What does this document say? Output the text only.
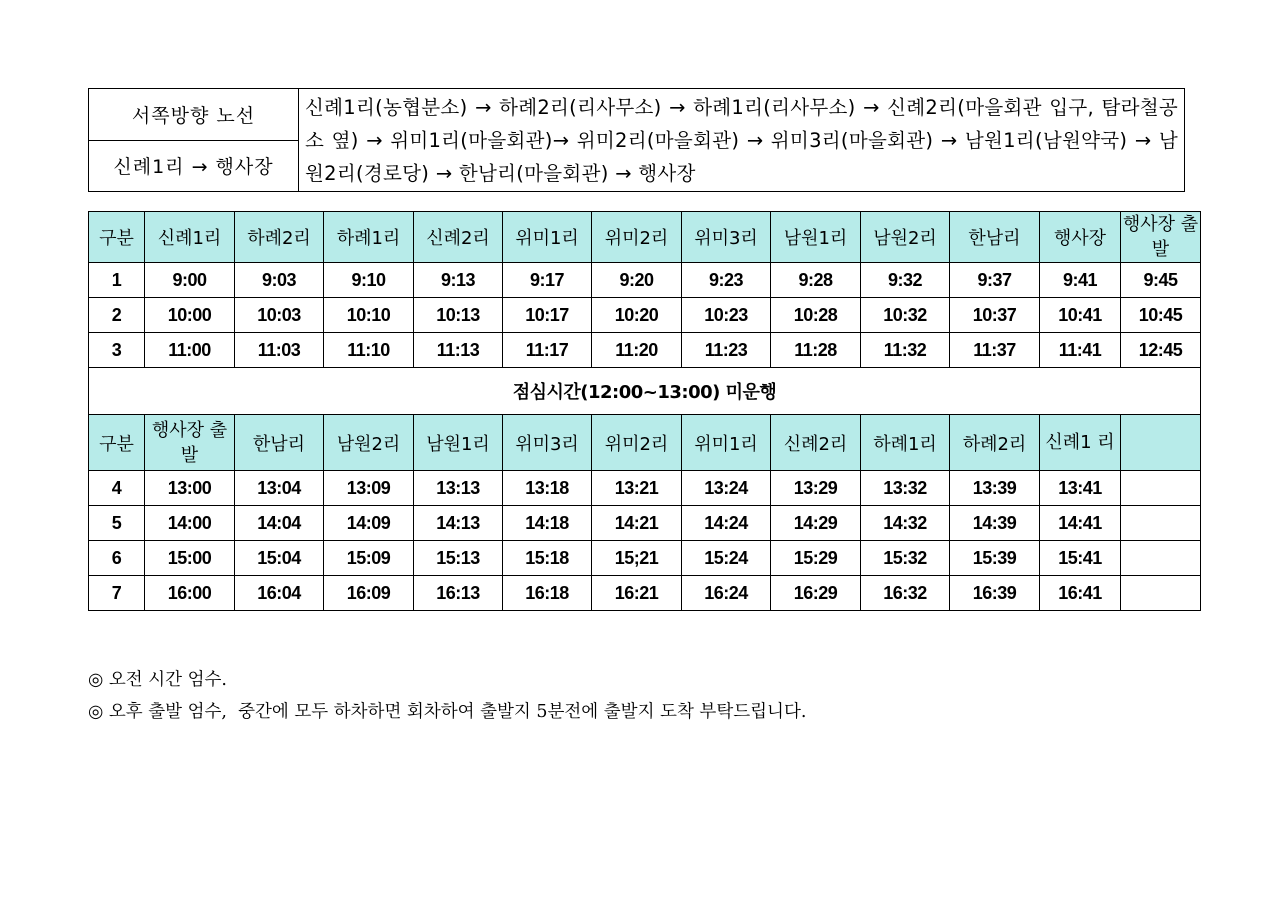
서쪽방향 노선
신례1리 → 행사장
신례1리(농협분소) → 하례2리(리사무소) → 하례1리(리사무소) → 신례2리(마을회관 입구, 탐라철공소 옆) → 위미1리(마을회관)→ 위미2리(마을회관) → 위미3리(마을회관) → 남원1리(남원약국) → 남원2리(경로당) → 한남리(마을회관) → 행사장
구분	신례1리	하례2리	하례1리	신례2리	위미1리	위미2리	위미3리	남원1리	남원2리	한남리	행사장	행사장 출발
1	9:00	9:03	9:10	9:13	9:17	9:20	9:23	9:28	9:32	9:37	9:41	9:45
2	10:00	10:03	10:10	10:13	10:17	10:20	10:23	10:28	10:32	10:37	10:41	10:45
3	11:00	11:03	11:10	11:13	11:17	11:20	11:23	11:28	11:32	11:37	11:41	12:45
점심시간(12:00~13:00) 미운행												
구분	행사장 출발	한남리	남원2리	남원1리	위미3리	위미2리	위미1리	신례2리	하례1리	하례2리	신례1 리	
4	13:00	13:04	13:09	13:13	13:18	13:21	13:24	13:29	13:32	13:39	13:41	
5	14:00	14:04	14:09	14:13	14:18	14:21	14:24	14:29	14:32	14:39	14:41	
6	15:00	15:04	15:09	15:13	15:18	15;21	15:24	15:29	15:32	15:39	15:41	
7	16:00	16:04	16:09	16:13	16:18	16:21	16:24	16:29	16:32	16:39	16:41	
◎ 오전 시간 엄수.
◎ 오후 출발 엄수,  중간에 모두 하차하면 회차하여 출발지 5분전에 출발지 도착 부탁드립니다.
